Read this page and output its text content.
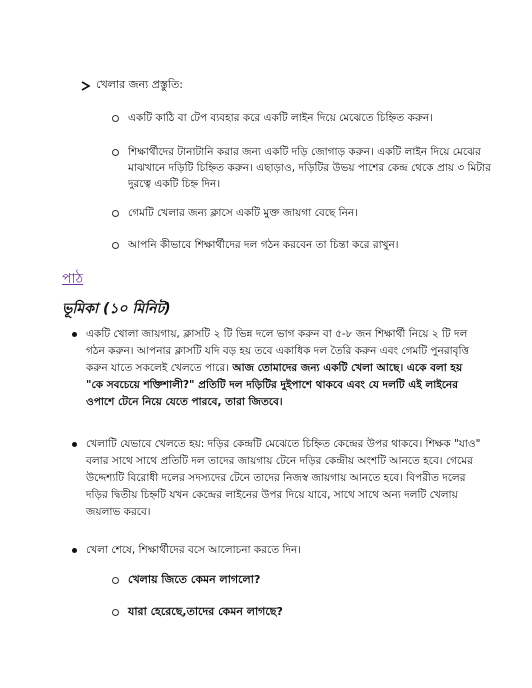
খেলার জন্য প্রস্তুতি:
একটি কাঠি বা টেপ ব্যবহার করে একটি লাইন দিয়ে মেঝেতে চিহ্নিত করুন।
শিক্ষার্থীদের টানাটানি করার জন্য একটি দড়ি জোগাড় করুন। একটি লাইন দিয়ে মেঝের মাঝখানে দড়িটি চিহ্নিত করুন। এছাড়াও, দড়িটির উভয় পাশের কেন্দ্র থেকে প্রায় ৩ মিটার দুরত্বে একটি চিহ্ন দিন।
গেমটি খেলার জন্য ক্লাসে একটি মুক্ত জায়গা বেছে নিন।
আপনি কীভাবে শিক্ষার্থীদের দল গঠন করবেন তা চিন্তা করে রাখুন।
পাঠ
ভূমিকা (১০ মিনিট)
একটি খোলা জায়গায়, ক্লাসটি ২ টি ভিন্ন দলে ভাগ করুন বা ৫-৮ জন শিক্ষার্থী নিয়ে ২ টি দল গঠন করুন। আপনার ক্লাসটি যদি বড় হয় তবে একাধিক দল তৈরি করুন এবং গেমটি পুনরাবৃত্তি করুন যাতে সকলেই খেলতে পারে। আজ তোমাদের জন্য একটি খেলা আছে। একে বলা হয় "কে সবচেয়ে শক্তিশালী?" প্রতিটি দল দড়িটির দুইপাশে থাকবে এবং যে দলটি এই লাইনের ওপাশে টেনে নিয়ে যেতে পারবে, তারা জিতবে।
খেলাটি যেভাবে খেলতে হয়: দড়ির কেন্দ্রটি মেঝেতে চিহ্নিত কেন্দ্রের উপর থাকবে। শিক্ষক "যাও" বলার সাথে সাথে প্রতিটি দল তাদের জায়গায় টেনে দড়ির কেন্দ্রীয় অংশটি আনতে হবে। গেমের উদ্দেশ্যটি বিরোধী দলের সদস্যদের টেনে তাদের নিজস্ব জায়গায় আনতে হবে। বিপরীত দলের দড়ির দ্বিতীয় চিহ্নটি যখন কেন্দ্রের লাইনের উপর দিয়ে যাবে, সাথে সাথে অন্য দলটি খেলায় জয়লাভ করবে।
খেলা শেষে, শিক্ষার্থীদের বসে আলোচনা করতে দিন।
খেলায় জিতে কেমন লাগলো?
যারা হেরেছে,তাদের কেমন লাগছে?
